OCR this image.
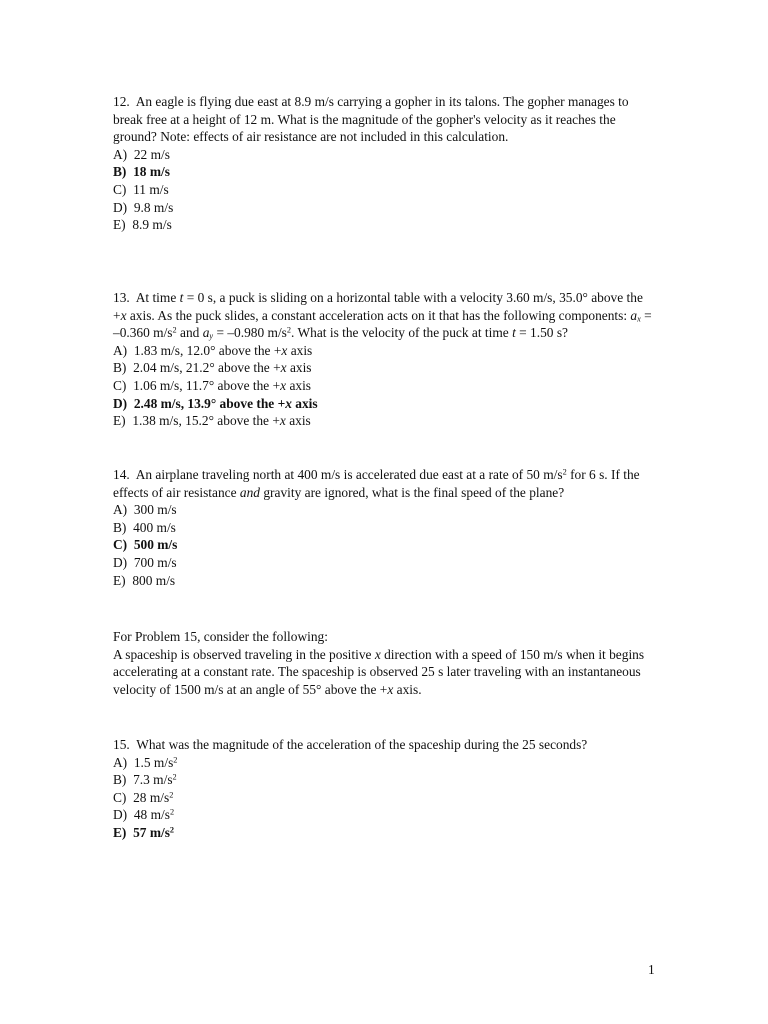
12. An eagle is flying due east at 8.9 m/s carrying a gopher in its talons. The gopher manages to break free at a height of 12 m. What is the magnitude of the gopher's velocity as it reaches the ground? Note: effects of air resistance are not included in this calculation.

A) 22 m/s
B) 18 m/s
C) 11 m/s
D) 9.8 m/s
E) 8.9 m/s

13. At time t = 0 s, a puck is sliding on a horizontal table with a velocity 3.60 m/s, 35.0° above the +x axis. As the puck slides, a constant acceleration acts on it that has the following components: $a_x = -0.360$ $m/s^2$ and $a_y = -0.980$ $m/s^2$. What is the velocity of the puck at time t = 1.50 s?

A) 1.83 m/s, 12.0° above the +x axis
B) 2.04 m/s, 21.2° above the +x axis
C) 1.06 m/s, 11.7° above the +x axis
D) 2.48 m/s, 13.9° above the +x axis
E) 1.38 m/s, 15.2° above the +x axis

14. An airplane traveling north at 400 m/s is accelerated due east at a rate of 50 $m/s^2$ for 6 s. If the effects of air resistance and gravity are ignored, what is the final speed of the plane?

A) 300 m/s
B) 400 m/s
C) 500 m/s
D) 700 m/s
E) 800 m/s

For Problem 15, consider the following:

A spaceship is observed traveling in the positive x direction with a speed of 150 m/s when it begins accelerating at a constant rate. The spaceship is observed 25 s later traveling with an instantaneous velocity of 1500 m/s at an angle of 55° above the +x axis.

15. What was the magnitude of the acceleration of the spaceship during the 25 seconds?

A) 1.5 $m/s^2$
B) 7.3 $m/s^2$
C) 28 $m/s^2$
D) 48 $m/s^2$
E) 57 $m/s^2$
1
